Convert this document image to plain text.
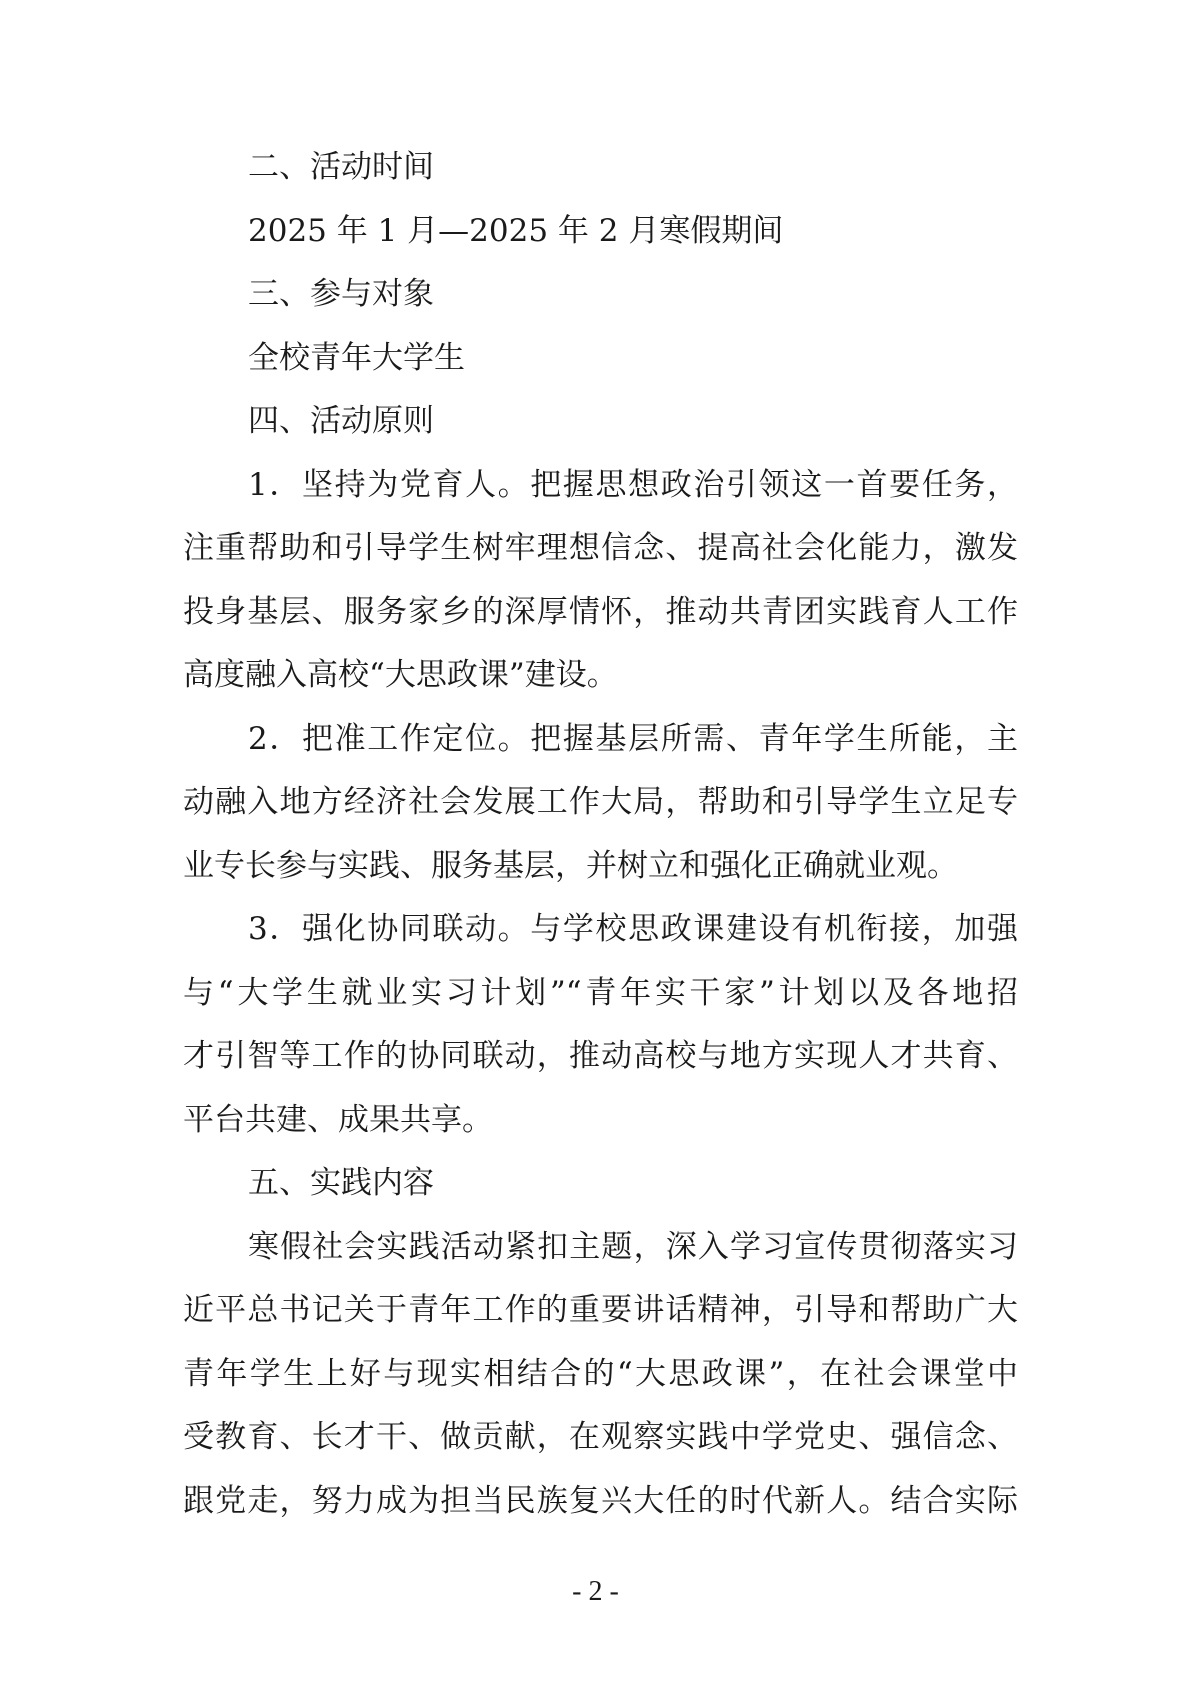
二、活动时间
2025 年 1 月—2025 年 2 月寒假期间
三、参与对象
全校青年大学生
四、活动原则
1．坚持为党育人。把握思想政治引领这一首要任务，
注重帮助和引导学生树牢理想信念、提高社会化能力，激发
投身基层、服务家乡的深厚情怀，推动共青团实践育人工作
高度融入高校“大思政课”建设。
2．把准工作定位。把握基层所需、青年学生所能，主
动融入地方经济社会发展工作大局，帮助和引导学生立足专
业专长参与实践、服务基层，并树立和强化正确就业观。
3．强化协同联动。与学校思政课建设有机衔接，加强
与“大学生就业实习计划”“青年实干家”计划以及各地招
才引智等工作的协同联动，推动高校与地方实现人才共育、
平台共建、成果共享。
五、实践内容
寒假社会实践活动紧扣主题，深入学习宣传贯彻落实习
近平总书记关于青年工作的重要讲话精神，引导和帮助广大
青年学生上好与现实相结合的“大思政课”，在社会课堂中
受教育、长才干、做贡献，在观察实践中学党史、强信念、
跟党走，努力成为担当民族复兴大任的时代新人。结合实际
- 2 -
